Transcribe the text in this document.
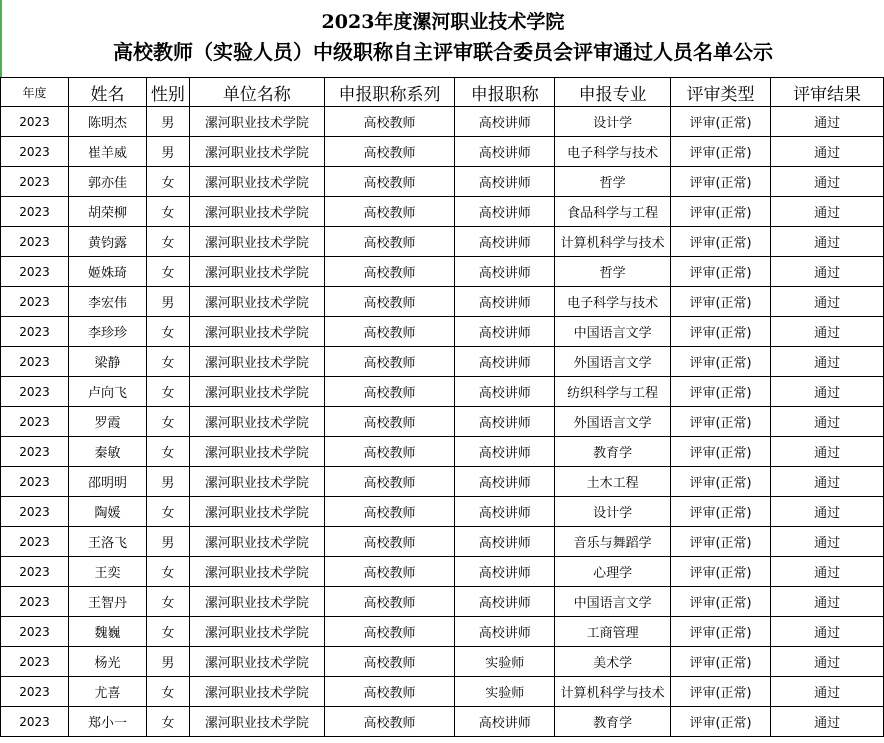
2023年度漯河职业技术学院
高校教师（实验人员）中级职称自主评审联合委员会评审通过人员名单公示
年度	姓名	性别	单位名称	申报职称系列	申报职称	申报专业	评审类型	评审结果
2023	陈明杰	男	漯河职业技术学院	高校教师	高校讲师	设计学	评审(正常)	通过
2023	崔羊威	男	漯河职业技术学院	高校教师	高校讲师	电子科学与技术	评审(正常)	通过
2023	郭亦佳	女	漯河职业技术学院	高校教师	高校讲师	哲学	评审(正常)	通过
2023	胡荣柳	女	漯河职业技术学院	高校教师	高校讲师	食品科学与工程	评审(正常)	通过
2023	黄钧露	女	漯河职业技术学院	高校教师	高校讲师	计算机科学与技术	评审(正常)	通过
2023	姬姝琦	女	漯河职业技术学院	高校教师	高校讲师	哲学	评审(正常)	通过
2023	李宏伟	男	漯河职业技术学院	高校教师	高校讲师	电子科学与技术	评审(正常)	通过
2023	李珍珍	女	漯河职业技术学院	高校教师	高校讲师	中国语言文学	评审(正常)	通过
2023	梁静	女	漯河职业技术学院	高校教师	高校讲师	外国语言文学	评审(正常)	通过
2023	卢向飞	女	漯河职业技术学院	高校教师	高校讲师	纺织科学与工程	评审(正常)	通过
2023	罗霞	女	漯河职业技术学院	高校教师	高校讲师	外国语言文学	评审(正常)	通过
2023	秦敏	女	漯河职业技术学院	高校教师	高校讲师	教育学	评审(正常)	通过
2023	邵明明	男	漯河职业技术学院	高校教师	高校讲师	土木工程	评审(正常)	通过
2023	陶媛	女	漯河职业技术学院	高校教师	高校讲师	设计学	评审(正常)	通过
2023	王洛飞	男	漯河职业技术学院	高校教师	高校讲师	音乐与舞蹈学	评审(正常)	通过
2023	王奕	女	漯河职业技术学院	高校教师	高校讲师	心理学	评审(正常)	通过
2023	王智丹	女	漯河职业技术学院	高校教师	高校讲师	中国语言文学	评审(正常)	通过
2023	魏巍	女	漯河职业技术学院	高校教师	高校讲师	工商管理	评审(正常)	通过
2023	杨光	男	漯河职业技术学院	高校教师	实验师	美术学	评审(正常)	通过
2023	尤喜	女	漯河职业技术学院	高校教师	实验师	计算机科学与技术	评审(正常)	通过
2023	郑小一	女	漯河职业技术学院	高校教师	高校讲师	教育学	评审(正常)	通过
